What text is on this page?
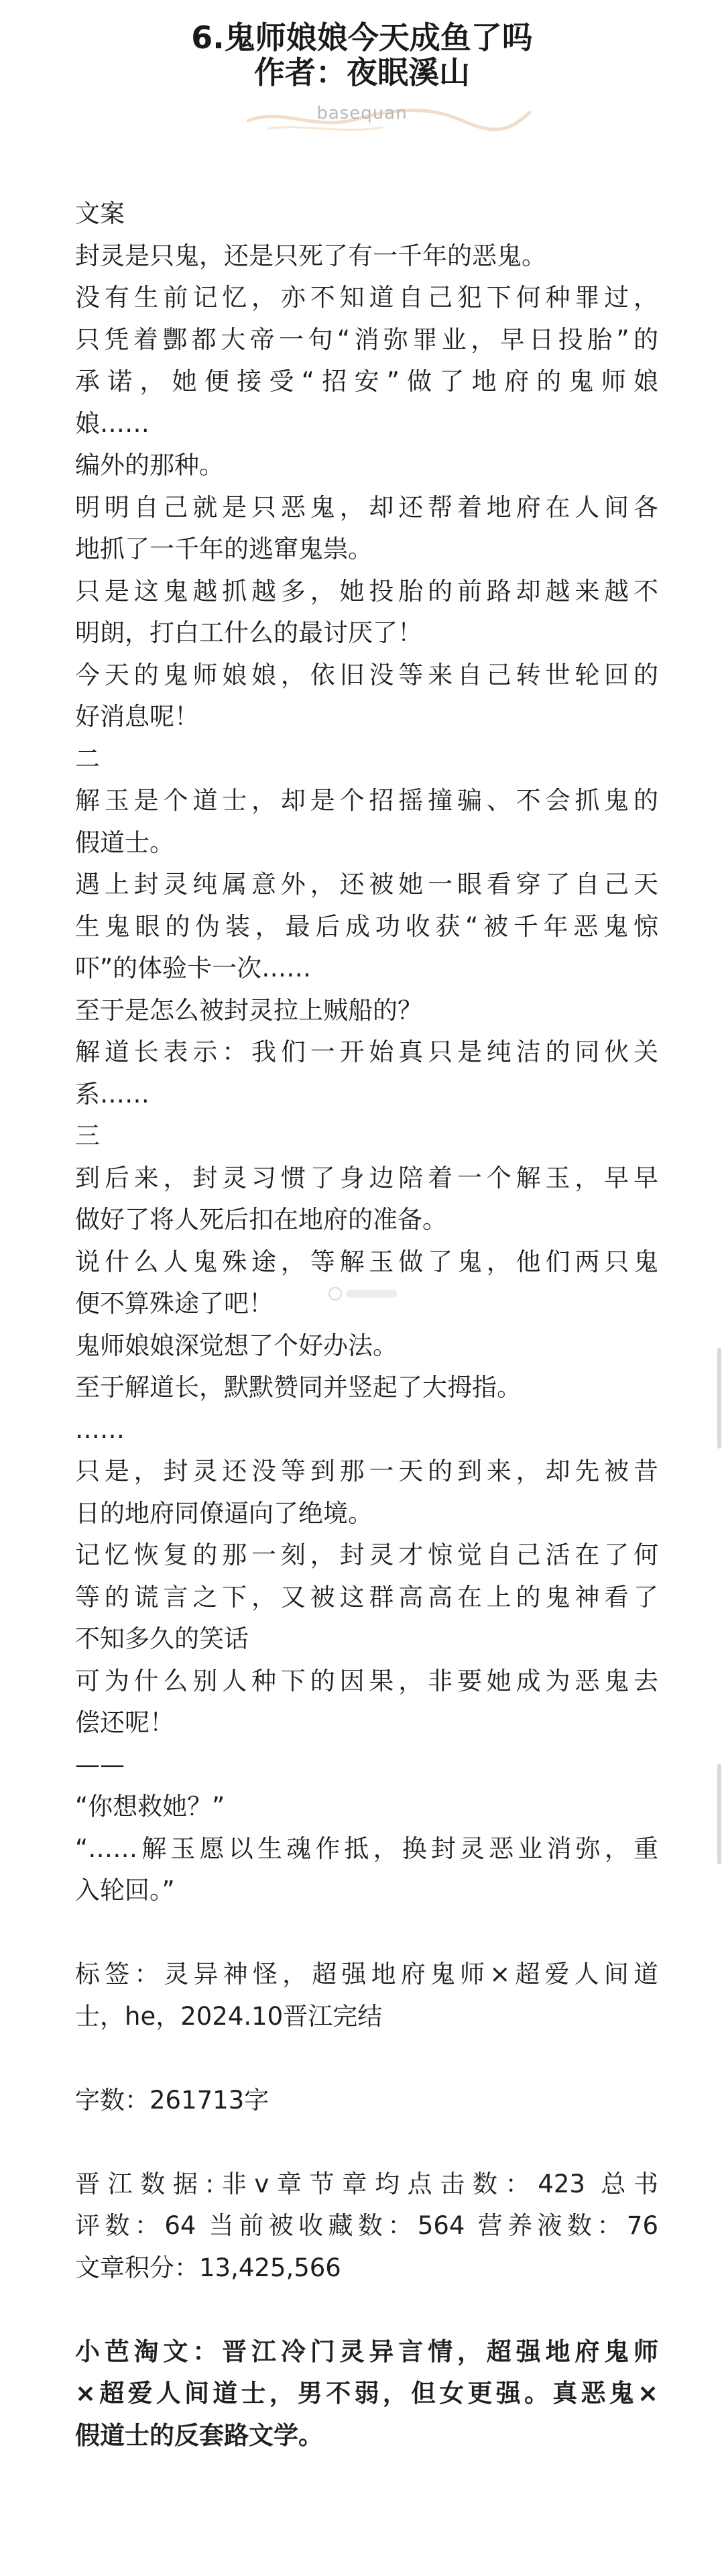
6.鬼师娘娘今天成鱼了吗
作者：夜眠溪山
basequan
文案
封灵是只鬼，还是只死了有一千年的恶鬼。
没有生前记忆，亦不知道自己犯下何种罪过，
只凭着酆都大帝一句“消弥罪业，早日投胎”的
承诺，她便接受“招安”做了地府的鬼师娘
娘……
编外的那种。
明明自己就是只恶鬼，却还帮着地府在人间各
地抓了一千年的逃窜鬼祟。
只是这鬼越抓越多，她投胎的前路却越来越不
明朗，打白工什么的最讨厌了！
今天的鬼师娘娘，依旧没等来自己转世轮回的
好消息呢！
二
解玉是个道士，却是个招摇撞骗、不会抓鬼的
假道士。
遇上封灵纯属意外，还被她一眼看穿了自己天
生鬼眼的伪装，最后成功收获“被千年恶鬼惊
吓”的体验卡一次……
至于是怎么被封灵拉上贼船的？
解道长表示：我们一开始真只是纯洁的同伙关
系……
三
到后来，封灵习惯了身边陪着一个解玉，早早
做好了将人死后扣在地府的准备。
说什么人鬼殊途，等解玉做了鬼，他们两只鬼
便不算殊途了吧！
鬼师娘娘深觉想了个好办法。
至于解道长，默默赞同并竖起了大拇指。
……
只是，封灵还没等到那一天的到来，却先被昔
日的地府同僚逼向了绝境。
记忆恢复的那一刻，封灵才惊觉自己活在了何
等的谎言之下，又被这群高高在上的鬼神看了
不知多久的笑话
可为什么别人种下的因果，非要她成为恶鬼去
偿还呢！
——
“你想救她？”
“……解玉愿以生魂作抵，换封灵恶业消弥，重
入轮回。”
标签：灵异神怪，超强地府鬼师×超爱人间道
士，he，2024.10晋江完结
字数：261713字
晋江数据:非v章节章均点击数：423 总书
评数：64 当前被收藏数：564 营养液数：76
文章积分：13,425,566
小芭淘文：晋江冷门灵异言情，超强地府鬼师
×超爱人间道士，男不弱，但女更强。真恶鬼×
假道士的反套路文学。
